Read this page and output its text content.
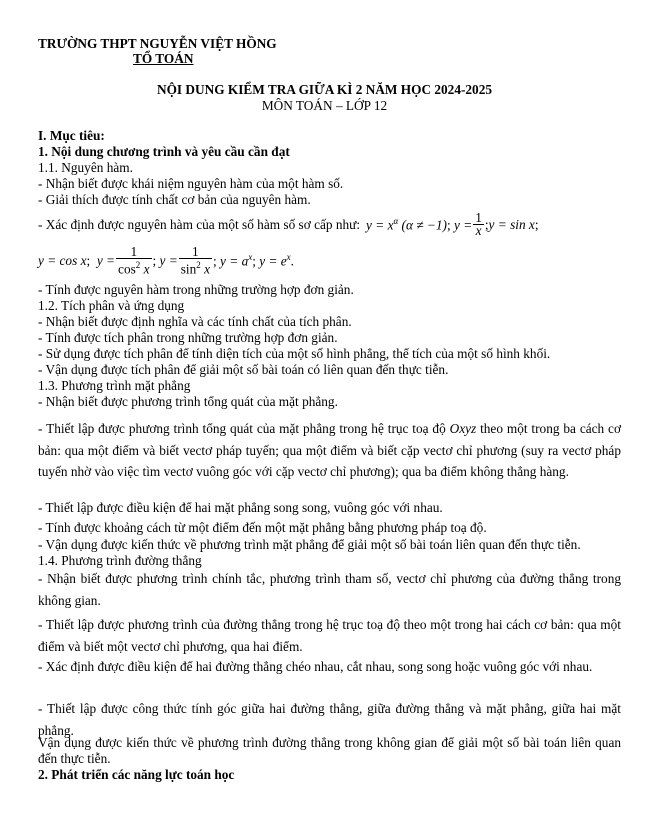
TRƯỜNG THPT NGUYỄN VIỆT HỒNG
TỔ TOÁN
NỘI DUNG KIỂM TRA GIỮA KÌ 2 NĂM HỌC 2024-2025
MÔN TOÁN – LỚP 12
I. Mục tiêu:
1. Nội dung chương trình và yêu cầu cần đạt
1.1. Nguyên hàm.
- Nhận biết được khái niệm nguyên hàm của một hàm số.
- Giải thích được tính chất cơ bản của nguyên hàm.
- Xác định được nguyên hàm của một số hàm số sơ cấp như: $y = x^\alpha$ (α ≠ −1); $y = \frac{1}{x}$ ;y = sin x;
y = cos x;  $y = \frac{1}{\cos^2 x}$ ; $y = \frac{1}{\sin^2 x}$ ; $y = a^x$; $y = e^x$.
- Tính được nguyên hàm trong những trường hợp đơn giản.
1.2. Tích phân và ứng dụng
- Nhận biết được định nghĩa và các tính chất của tích phân.
- Tính được tích phân trong những trường hợp đơn giản.
- Sử dụng được tích phân để tính diện tích của một số hình phẳng, thể tích của một số hình khối.
- Vận dụng được tích phân để giải một số bài toán có liên quan đến thực tiễn.
1.3. Phương trình mặt phẳng
- Nhận biết được phương trình tổng quát của mặt phẳng.
- Thiết lập được phương trình tổng quát của mặt phẳng trong hệ trục toạ độ Oxyz theo một trong ba cách cơ bản: qua một điểm và biết vectơ pháp tuyến; qua một điểm và biết cặp vectơ chỉ phương (suy ra vectơ pháp tuyến nhờ vào việc tìm vectơ vuông góc với cặp vectơ chỉ phương); qua ba điểm không thẳng hàng.
- Thiết lập được điều kiện để hai mặt phẳng song song, vuông góc với nhau.
- Tính được khoảng cách từ một điểm đến một mặt phẳng bằng phương pháp toạ độ.
- Vận dụng được kiến thức về phương trình mặt phẳng để giải một số bài toán liên quan đến thực tiễn.
1.4. Phương trình đường thẳng
- Nhận biết được phương trình chính tắc, phương trình tham số, vectơ chỉ phương của đường thẳng trong không gian.
- Thiết lập được phương trình của đường thẳng trong hệ trục toạ độ theo một trong hai cách cơ bản: qua một điểm và biết một vectơ chỉ phương, qua hai điểm.
- Xác định được điều kiện để hai đường thẳng chéo nhau, cắt nhau, song song hoặc vuông góc với nhau.
- Thiết lập được công thức tính góc giữa hai đường thẳng, giữa đường thẳng và mặt phẳng, giữa hai mặt phẳng.
Vận dụng được kiến thức về phương trình đường thẳng trong không gian để giải một số bài toán liên quan đến thực tiễn.
2. Phát triển các năng lực toán học
